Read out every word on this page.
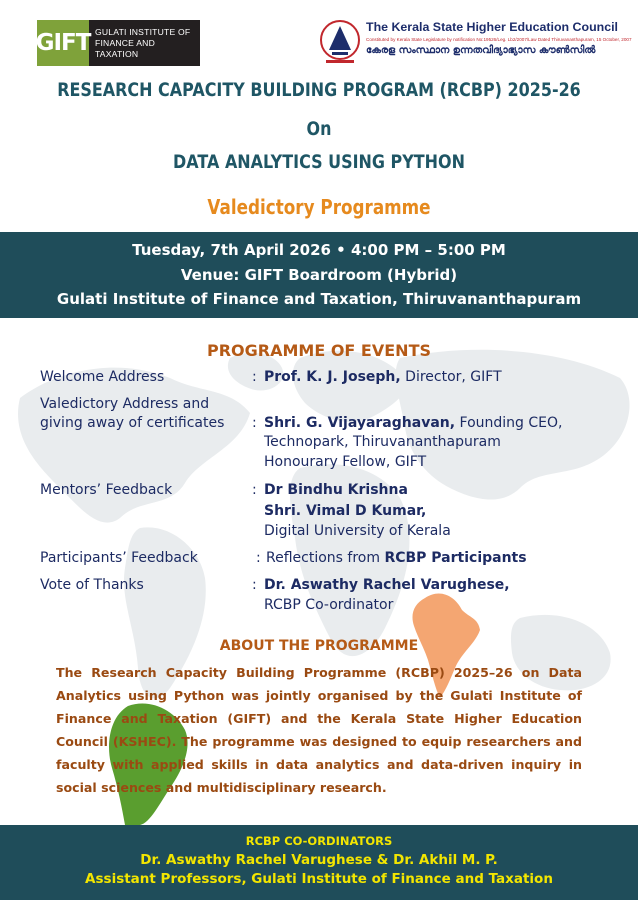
GIFT GULATI INSTITUTE OF
FINANCE AND TAXATION
The Kerala State Higher Education Council
Constituted by Kerala State Legislature by notification No:19526/Leg. Lb2/2007/Law Dated Thiruvananthapuram, 15 October, 2007
കേരള സംസ്ഥാന ഉന്നതവിദ്യാഭ്യാസ കൗൺസിൽ
RESEARCH CAPACITY BUILDING PROGRAM (RCBP) 2025-26
On
DATA ANALYTICS USING PYTHON
Valedictory Programme
Tuesday, 7th April 2026 • 4:00 PM – 5:00 PM
Venue: GIFT Boardroom (Hybrid)
Gulati Institute of Finance and Taxation, Thiruvananthapuram
PROGRAMME OF EVENTS
Welcome Address	: Prof. K. J. Joseph, Director, GIFT
Valedictory Address and
giving away of certificates : Shri. G. Vijayaraghavan, Founding CEO,
Technopark, Thiruvananthapuram
Honourary Fellow, GIFT
Mentors’ Feedback	: Dr Bindhu Krishna
Shri. Vimal D Kumar,
Digital University of Kerala
Participants’ Feedback	: Reflections from RCBP Participants
Vote of Thanks	: Dr. Aswathy Rachel Varughese,
RCBP Co-ordinator
ABOUT THE PROGRAMME
The Research Capacity Building Programme (RCBP) 2025–26 on Data Analytics using Python was jointly organised by the Gulati Institute of Finance and Taxation (GIFT) and the Kerala State Higher Education Council (KSHEC). The programme was designed to equip researchers and faculty with applied skills in data analytics and data-driven inquiry in social sciences and multidisciplinary research.
RCBP CO-ORDINATORS
Dr. Aswathy Rachel Varughese & Dr. Akhil M. P.
Assistant Professors, Gulati Institute of Finance and Taxation
